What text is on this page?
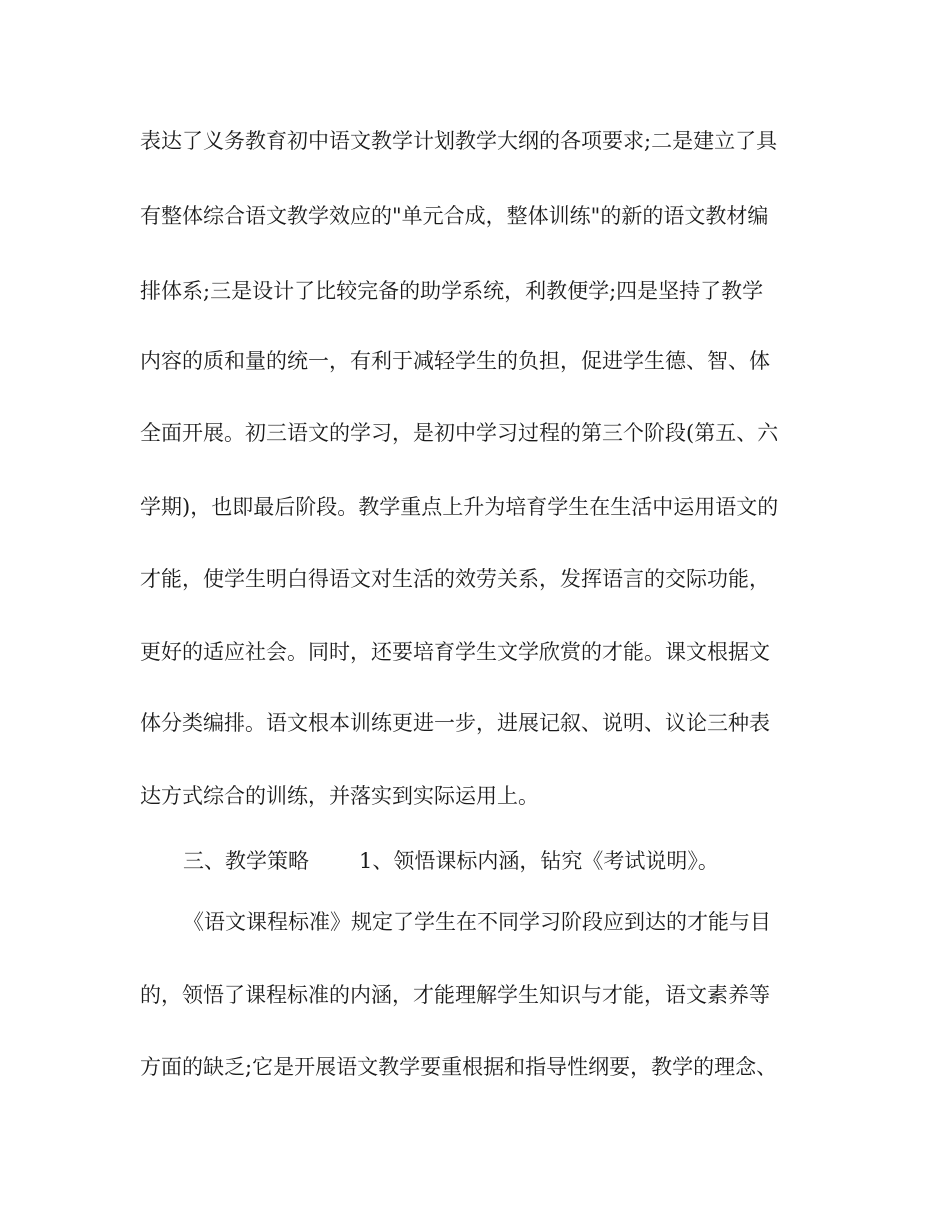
表达了义务教育初中语文教学计划教学大纲的各项要求;二是建立了具
有整体综合语文教学效应的"单元合成，整体训练"的新的语文教材编
排体系;三是设计了比较完备的助学系统，利教便学;四是坚持了教学
内容的质和量的统一，有利于减轻学生的负担，促进学生德、智、体
全面开展。初三语文的学习，是初中学习过程的第三个阶段(第五、六
学期)，也即最后阶段。教学重点上升为培育学生在生活中运用语文的
才能，使学生明白得语文对生活的效劳关系，发挥语言的交际功能，
更好的适应社会。同时，还要培育学生文学欣赏的才能。课文根据文
体分类编排。语文根本训练更进一步，进展记叙、说明、议论三种表
达方式综合的训练，并落实到实际运用上。
三、教学策略 1、领悟课标内涵，钻究《考试说明》。
《语文课程标准》规定了学生在不同学习阶段应到达的才能与目
的，领悟了课程标准的内涵，才能理解学生知识与才能，语文素养等
方面的缺乏;它是开展语文教学要重根据和指导性纲要，教学的理念、
